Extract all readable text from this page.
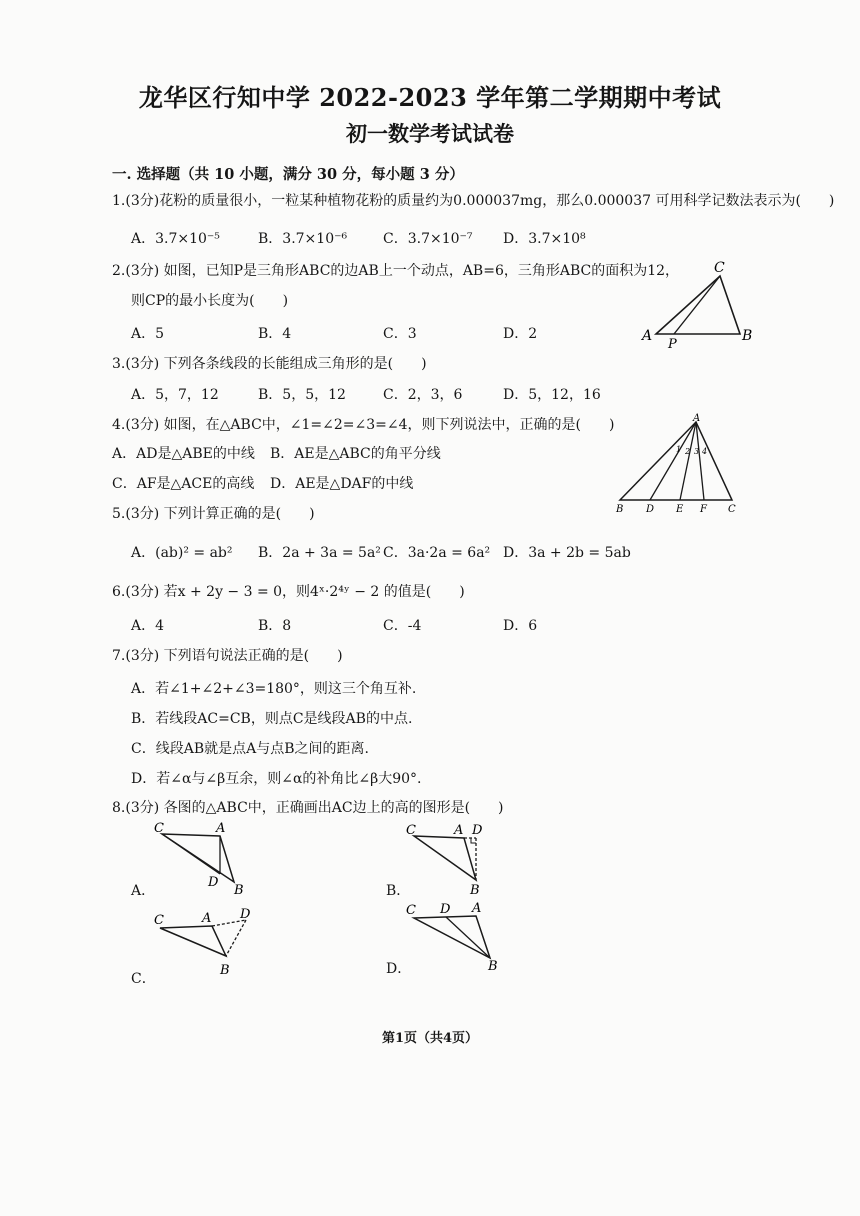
龙华区行知中学 2022-2023 学年第二学期期中考试
初一数学考试试卷
一. 选择题（共 10 小题，满分 30 分，每小题 3 分）
1.(3分)花粉的质量很小，一粒某种植物花粉的质量约为0.000037mg，那么0.000037 可用科学记数法表示为(　　)
A．3.7×10⁻⁵	B．3.7×10⁻⁶	C．3.7×10⁻⁷ D．3.7×10⁸
2.(3分) 如图，已知P是三角形ABC的边AB上一个动点，AB=6，三角形ABC的面积为12，
则CP的最小长度为(　　)
A．5	B．4	C．3	D．2
C
A	B
P
3.(3分) 下列各条线段的长能组成三角形的是(　　)
A．5，7，12	B．5，5，12	C．2，3，6	D．5，12，16
4.(3分) 如图，在△ABC中，∠1=∠2=∠3=∠4，则下列说法中，正确的是(　　)
A．AD是△ABE的中线 B．AE是△ABC的角平分线
C．AF是△ACE的高线 D．AE是△DAF的中线
A
1 2 3 4
B D E F C
5.(3分) 下列计算正确的是(　　)
A．(ab)² = ab² B．2a + 3a = 5a² C．3a·2a = 6a² D．3a + 2b = 5ab
6.(3分) 若x + 2y − 3 = 0，则4ˣ·2⁴ʸ − 2 的值是(　　)
A．4	B．8	C．-4	D．6
7.(3分) 下列语句说法正确的是(　　)
A．若∠1+∠2+∠3=180°，则这三个角互补.
B．若线段AC=CB，则点C是线段AB的中点.
C．线段AB就是点A与点B之间的距离.
D．若∠α与∠β互余，则∠α的补角比∠β大90°.
8.(3分) 各图的△ABC中，正确画出AC边上的高的图形是(　　)
A．
C	A
D
B	B．
C	A D
B
C．
C	A D
B	D．
C D A
B
第1页（共4页）
